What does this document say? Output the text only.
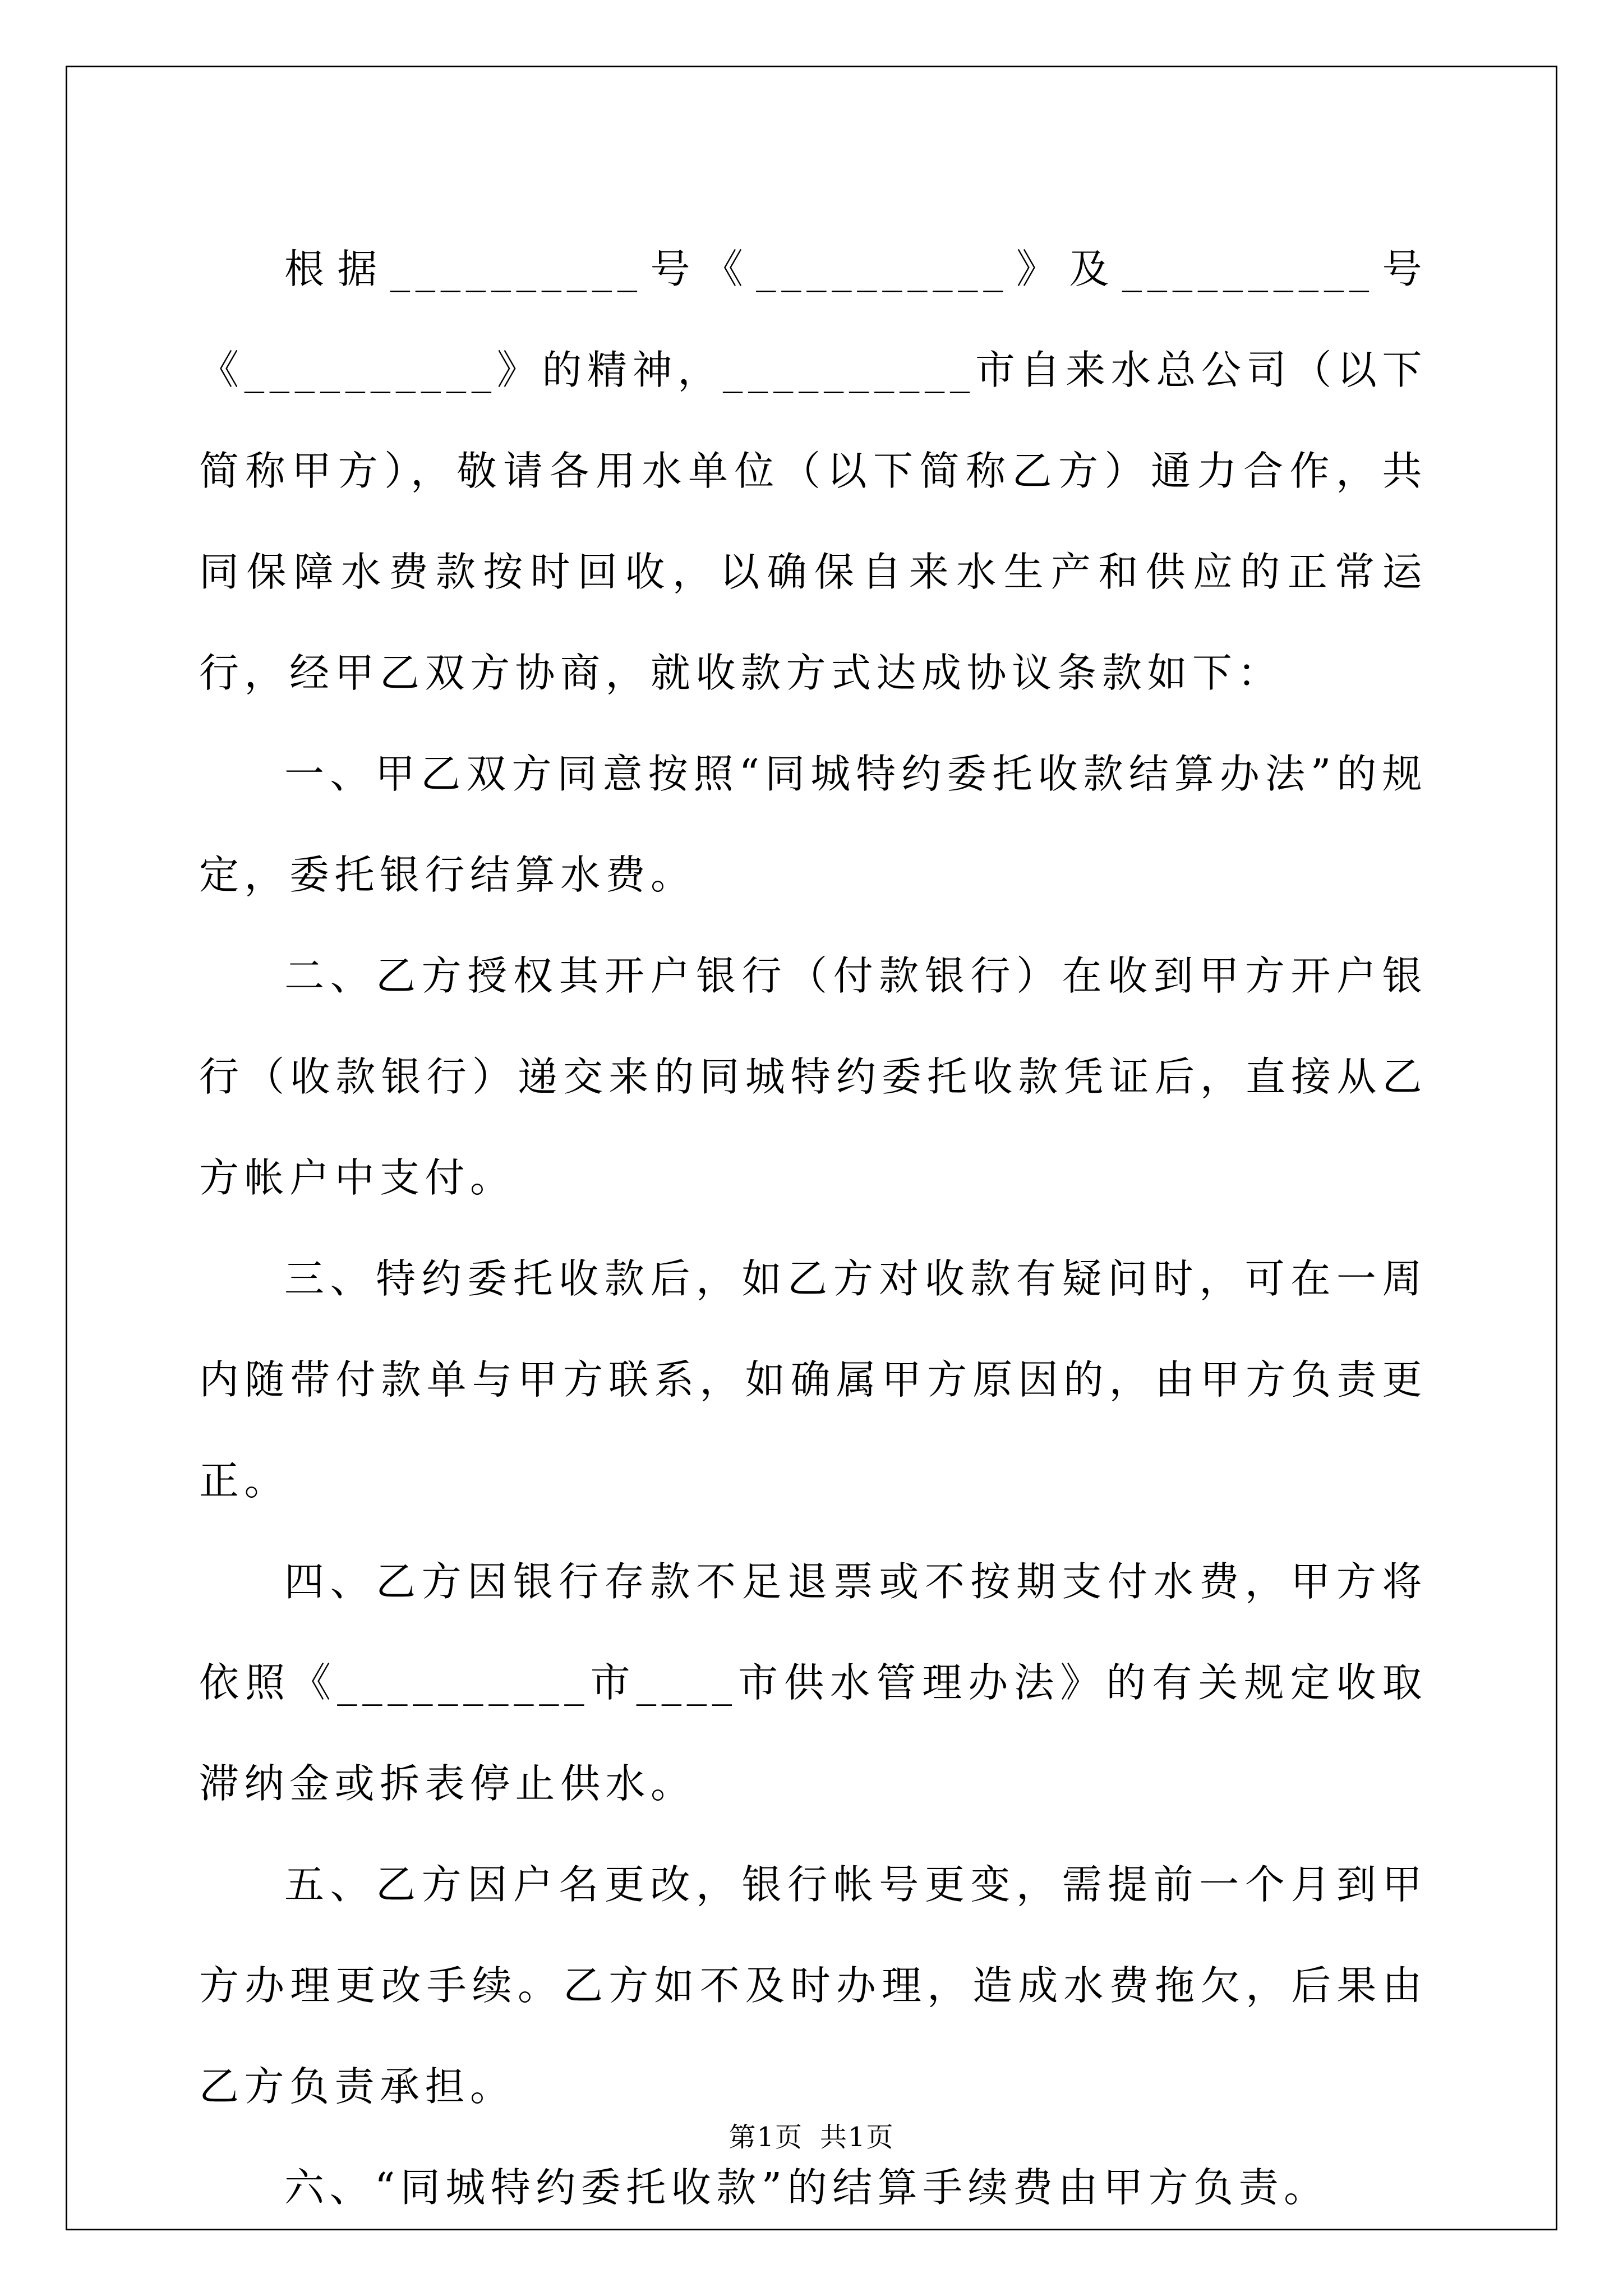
根据__________号《__________》及__________号《__________》的精神，__________市自来水总公司（以下简称甲方），敬请各用水单位（以下简称乙方）通力合作，共同保障水费款按时回收，以确保自来水生产和供应的正常运行，经甲乙双方协商，就收款方式达成协议条款如下：

一、甲乙双方同意按照“同城特约委托收款结算办法”的规定，委托银行结算水费。

二、乙方授权其开户银行（付款银行）在收到甲方开户银行（收款银行）递交来的同城特约委托收款凭证后，直接从乙方帐户中支付。

三、特约委托收款后，如乙方对收款有疑问时，可在一周内随带付款单与甲方联系，如确属甲方原因的，由甲方负责更正。

四、乙方因银行存款不足退票或不按期支付水费，甲方将依照《__________市____市供水管理办法》的有关规定收取滞纳金或拆表停止供水。

五、乙方因户名更改，银行帐号更变，需提前一个月到甲方办理更改手续。乙方如不及时办理，造成水费拖欠，后果由乙方负责承担。

六、“同城特约委托收款”的结算手续费由甲方负责。

第1页 共1页
